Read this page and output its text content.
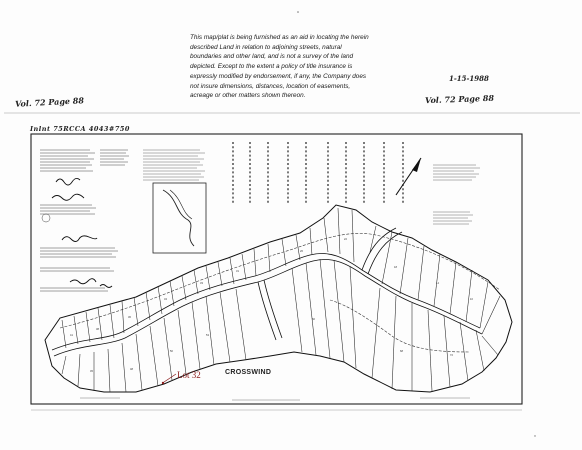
This map/plat is being furnished as an aid in locating the herein described Land in relation to adjoining streets, natural boundaries and other land, and is not a survey of the land depicted. Except to the extent a policy of title insurance is expressly modified by endorsement, if any, the Company does not insure dimensions, distances, location of easements, acreage or other matters shown thereon.
1-15-1988
Vol. 72 Page 88	Vol. 72 Page 88
Inlnt 75RCCA 4043#750
41
38
36
34
33
31
26
22
18
14
10
45
48
50
53
60
68
72
Lot 32	CROSSWIND
